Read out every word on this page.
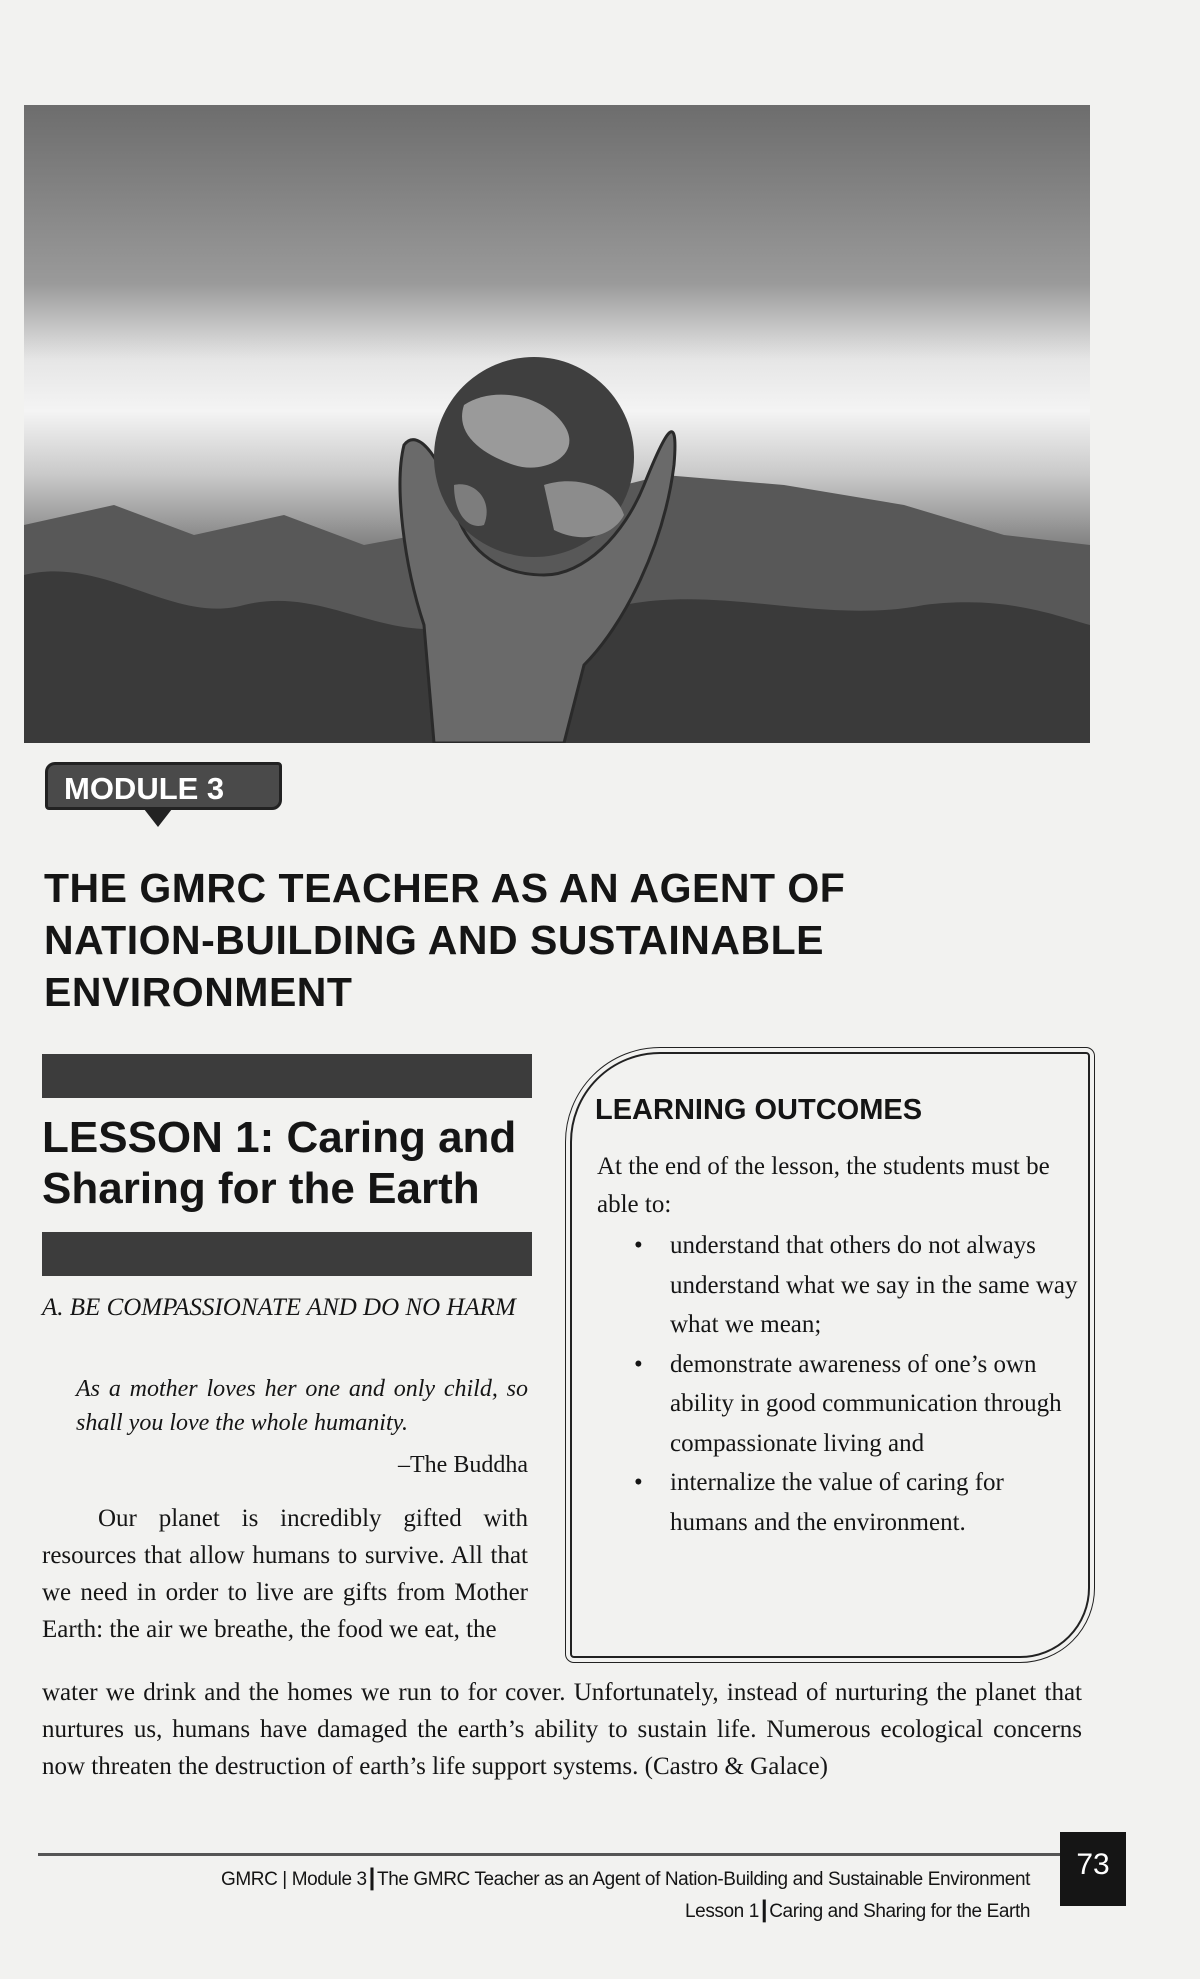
MODULE 3
THE GMRC TEACHER AS AN AGENT OF NATION-BUILDING AND SUSTAINABLE ENVIRONMENT
LESSON 1: Caring and Sharing for the Earth
A. BE COMPASSIONATE AND DO NO HARM
As a mother loves her one and only child, so shall you love the whole humanity.
–The Buddha
Our planet is incredibly gifted with resources that allow humans to survive. All that we need in order to live are gifts from Mother Earth: the air we breathe, the food we eat, the
water we drink and the homes we run to for cover. Unfortunately, instead of nurturing the planet that nurtures us, humans have damaged the earth’s ability to sustain life. Numerous ecological concerns now threaten the destruction of earth’s life support systems. (Castro & Galace)
LEARNING OUTCOMES
At the end of the lesson, the students must be able to:
• understand that others do not always understand what we say in the same way what we mean;
• demonstrate awareness of one’s own ability in good communication through compassionate living and
• internalize the value of caring for humans and the environment.
GMRC | Module 3| The GMRC Teacher as an Agent of Nation-Building and Sustainable Environment
Lesson 1| Caring and Sharing for the Earth
73
